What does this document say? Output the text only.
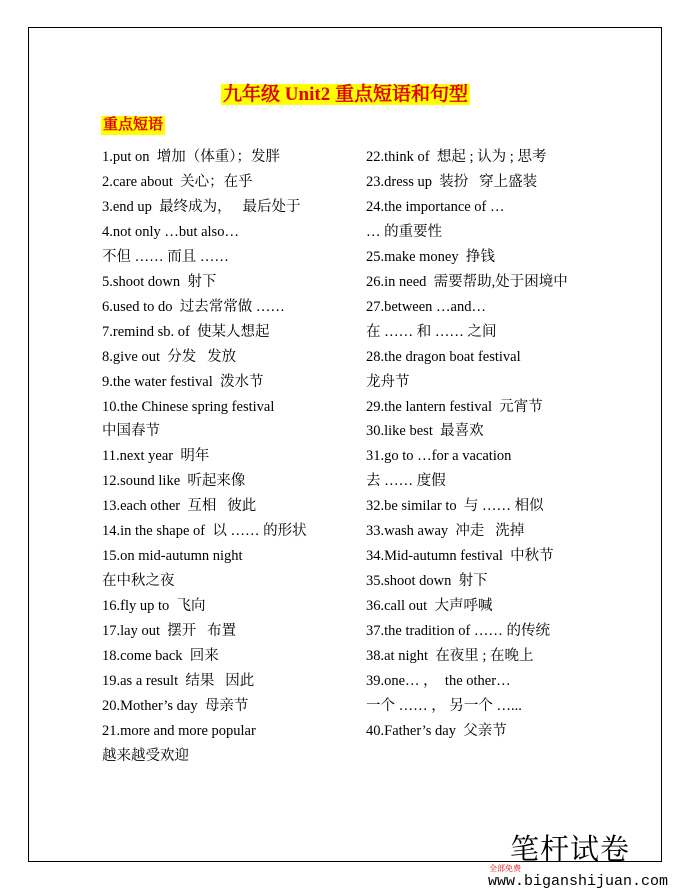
九年级 Unit2 重点短语和句型
重点短语
1.put on  增加（体重）；发胖
2.care about  关心；在乎
3.end up  最终成为，   最后处于
4.not only …but also…
不但 …… 而且 ……
5.shoot down  射下
6.used to do  过去常常做 ……
7.remind sb. of  使某人想起
8.give out  分发   发放
9.the water festival  泼水节
10.the Chinese spring festival
中国春节
11.next year  明年
12.sound like  听起来像
13.each other  互相   彼此
14.in the shape of  以 …… 的形状
15.on mid-autumn night
在中秋之夜
16.fly up to  飞向
17.lay out  摆开   布置
18.come back  回来
19.as a result  结果   因此
20.Mother’s day  母亲节
21.more and more popular
越来越受欢迎
22.think of  想起 ; 认为 ; 思考
23.dress up  装扮   穿上盛装
24.the importance of …
… 的重要性
25.make money  挣钱
26.in need  需要帮助,处于困境中
27.between …and…
在 …… 和 …… 之间
28.the dragon boat festival
龙舟节
29.the lantern festival  元宵节
30.like best  最喜欢
31.go to …for a vacation
去 …… 度假
32.be similar to  与 …… 相似
33.wash away  冲走   洗掉
34.Mid-autumn festival  中秋节
35.shoot down  射下
36.call out  大声呼喊
37.the tradition of …… 的传统
38.at night  在夜里 ; 在晚上
39.one… ，  the other…
一个 …… ， 另一个 …...
40.Father’s day  父亲节
笔杆试卷
全部免费
www.biganshijuan.com
